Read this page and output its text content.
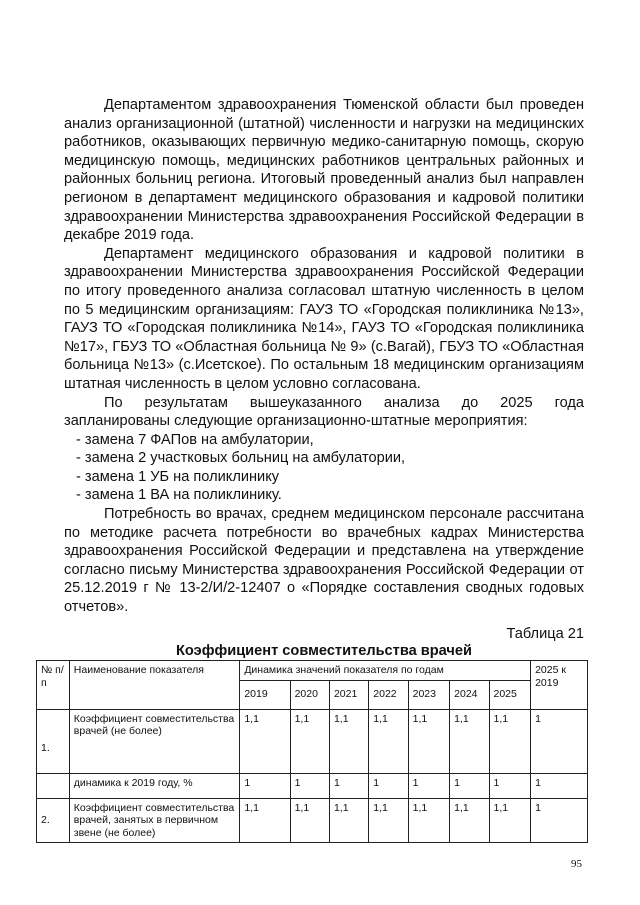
Департаментом здравоохранения Тюменской области был проведен анализ организационной (штатной) численности и нагрузки на медицинских работников, оказывающих первичную медико-санитарную помощь, скорую медицинскую помощь, медицинских работников центральных районных и районных больниц региона. Итоговый проведенный анализ был направлен регионом в департамент медицинского образования и кадровой политики здравоохранении Министерства здравоохранения Российской Федерации в декабре 2019 года.

Департамент медицинского образования и кадровой политики в здравоохранении Министерства здравоохранения Российской Федерации по итогу проведенного анализа согласовал штатную численность в целом по 5 медицинским организациям: ГАУЗ ТО «Городская поликлиника №13», ГАУЗ ТО «Городская поликлиника №14», ГАУЗ ТО «Городская поликлиника №17», ГБУЗ ТО «Областная больница № 9» (с.Вагай), ГБУЗ ТО «Областная больница №13» (с.Исетское). По остальным 18 медицинским организациям штатная численность в целом условно согласована.

По результатам вышеуказанного анализа до 2025 года запланированы следующие организационно-штатные мероприятия:

- замена 7 ФАПов на амбулатории,

- замена 2 участковых больниц на амбулатории,

- замена 1 УБ на поликлинику

- замена 1 ВА на поликлинику.

Потребность во врачах, среднем медицинском персонале рассчитана по методике расчета потребности во врачебных кадрах Министерства здравоохранения Российской Федерации и представлена на утверждение согласно письму Министерства здравоохранения Российской Федерации от 25.12.2019 г № 13-2/И/2-12407 о «Порядке составления сводных годовых отчетов».

Таблица 21
Коэффициент совместительства врачей
№ п/п	Наименование показателя	Динамика значений показателя по годам							2025 к 2019
		2019	2020	2021	2022	2023	2024	2025	
1.	Коэффициент совместительства врачей (не более)	1,1	1,1	1,1	1,1	1,1	1,1	1,1	1
	динамика к 2019 году, %	1	1	1	1	1	1	1	1
2.	Коэффициент совместительства врачей, занятых в первичном звене (не более)	1,1	1,1	1,1	1,1	1,1	1,1	1,1	1
95
